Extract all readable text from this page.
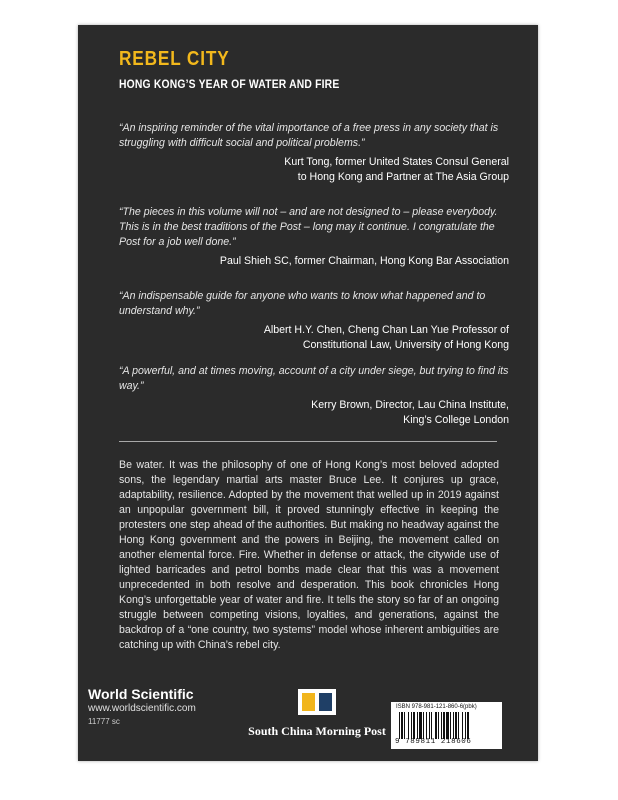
REBEL CITY
HONG KONG’S YEAR OF WATER AND FIRE

“An inspiring reminder of the vital importance of a free press in any society that is struggling with difficult social and political problems.”

Kurt Tong, former United States Consul General
to Hong Kong and Partner at The Asia Group

“The pieces in this volume will not – and are not designed to – please everybody. This is in the best traditions of the Post – long may it continue. I congratulate the Post for a job well done.”

Paul Shieh SC, former Chairman, Hong Kong Bar Association

“An indispensable guide for anyone who wants to know what happened and to understand why.”

Albert H.Y. Chen, Cheng Chan Lan Yue Professor of
Constitutional Law, University of Hong Kong

“A powerful, and at times moving, account of a city under siege, but trying to find its way.”

Kerry Brown, Director, Lau China Institute,
King’s College London

Be water. It was the philosophy of one of Hong Kong’s most beloved adopted sons, the legendary martial arts master Bruce Lee. It conjures up grace, adaptability, resilience. Adopted by the movement that welled up in 2019 against an unpopular government bill, it proved stunningly effective in keeping the protesters one step ahead of the authorities. But making no headway against the Hong Kong government and the powers in Beijing, the movement called on another elemental force. Fire. Whether in defense or attack, the citywide use of lighted barricades and petrol bombs made clear that this was a movement unprecedented in both resolve and desperation. This book chronicles Hong Kong’s unforgettable year of water and fire. It tells the story so far of an ongoing struggle between competing visions, loyalties, and generations, against the backdrop of a “one country, two systems” model whose inherent ambiguities are catching up with China’s rebel city.

World Scientific

www.worldscientific.com

11777 sc

South China Morning Post

ISBN 978-981-121-860-6(pbk)

9 789811 218606
